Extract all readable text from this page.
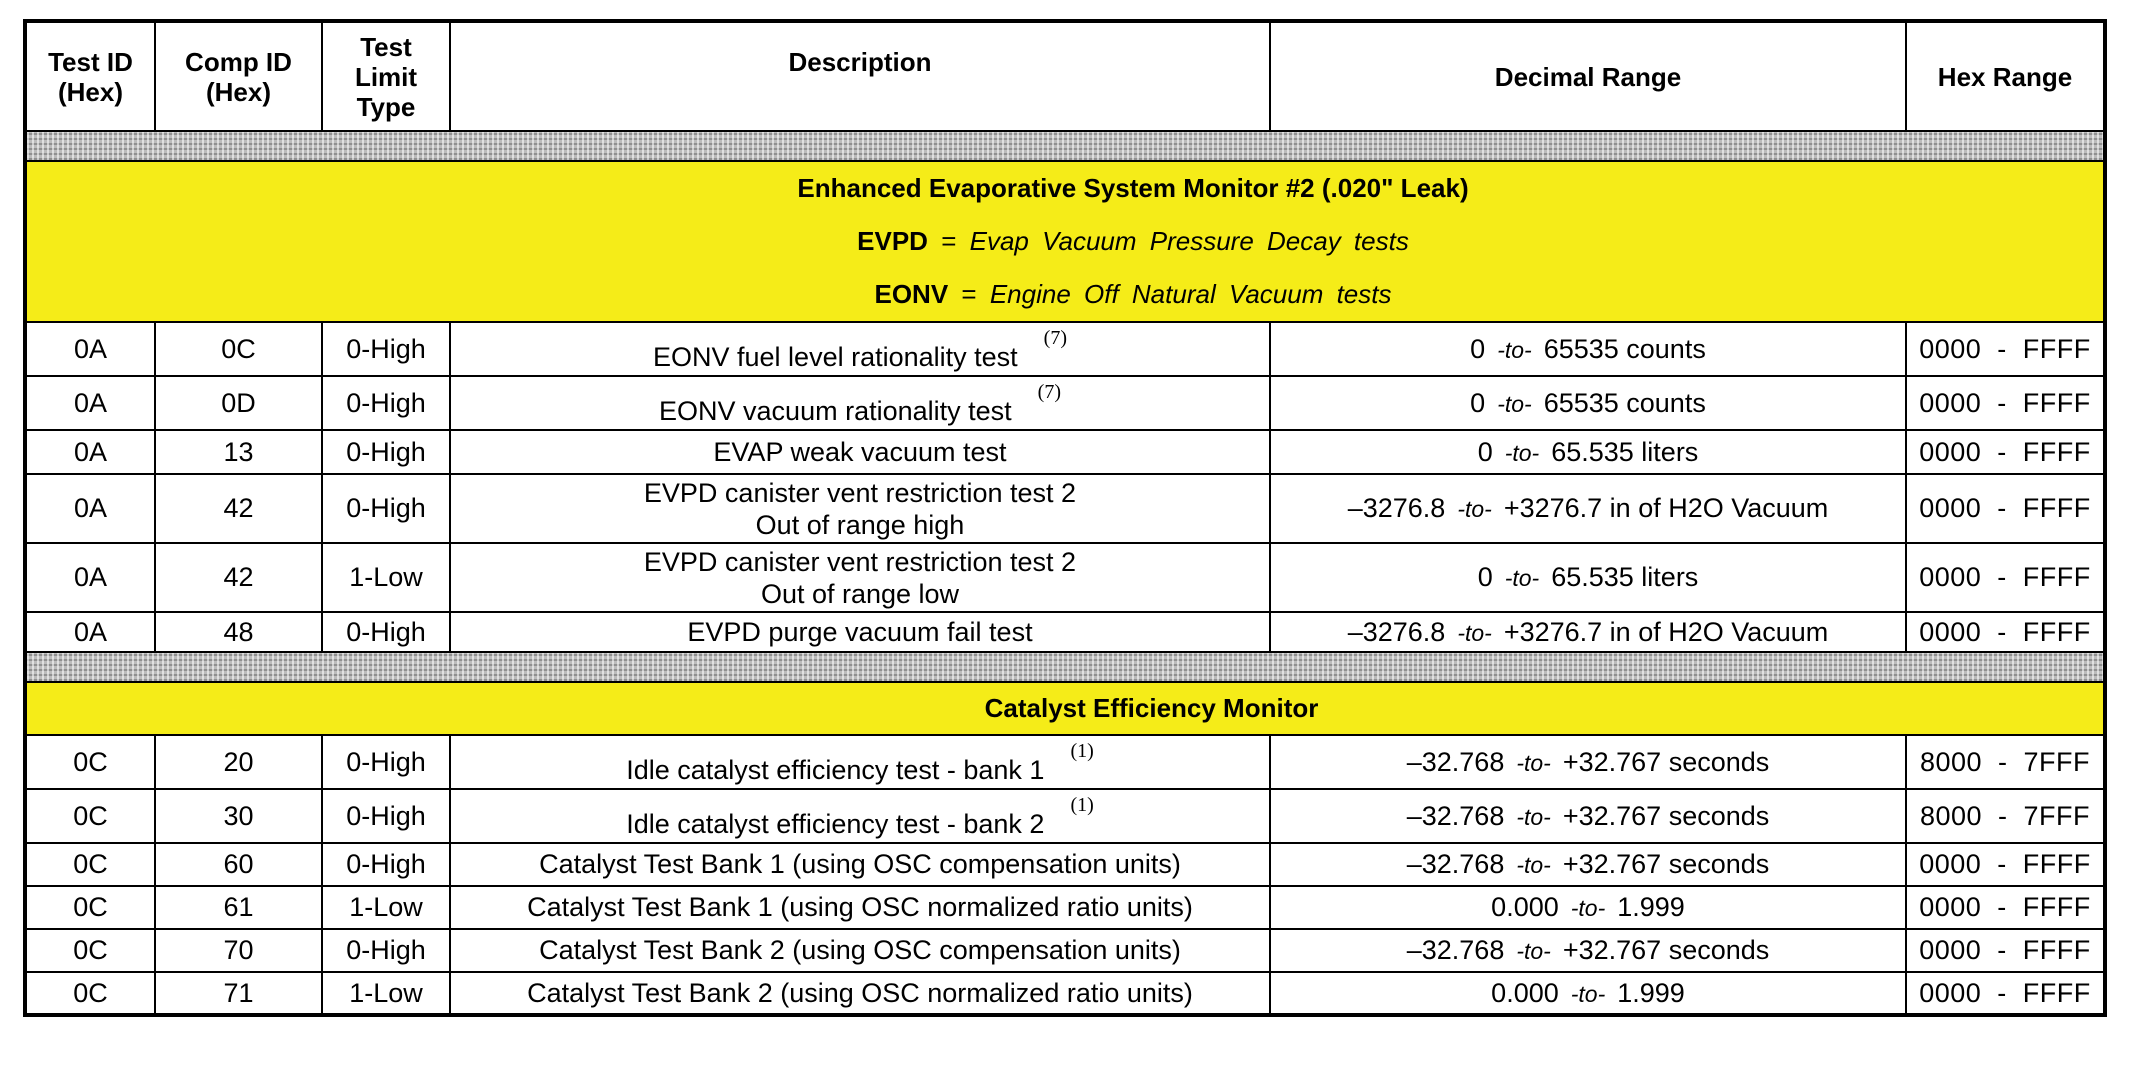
Test ID
(Hex)	Comp ID
(Hex)	Test
Limit
Type	Description	Decimal Range	Hex Range

Enhanced Evaporative System Monitor #2 (.020" Leak)
EVPD = Evap Vacuum Pressure Decay tests
EONV = Engine Off Natural Vacuum tests					

0A	0C	0-High	EONV fuel level rationality test$^{(7)}$	0 -to- 65535 counts	0000  -  FFFF
0A	0D	0-High	EONV vacuum rationality test$^{(7)}$	0 -to- 65535 counts	0000  -  FFFF
0A	13	0-High	EVAP weak vacuum test	0 -to- 65.535 liters	0000  -  FFFF
0A	42	0-High	EVPD canister vent restriction test 2
Out of range high	–3276.8 -to- +3276.7 in of H2O Vacuum	0000  -  FFFF
0A	42	1-Low	EVPD canister vent restriction test 2
Out of range low	0 -to- 65.535 liters	0000  -  FFFF
0A	48	0-High	EVPD purge vacuum fail test	–3276.8 -to- +3276.7 in of H2O Vacuum	0000  -  FFFF

Catalyst Efficiency Monitor					

0C	20	0-High	Idle catalyst efficiency test - bank 1$^{(1)}$	–32.768 -to- +32.767 seconds	8000  -  7FFF
0C	30	0-High	Idle catalyst efficiency test - bank 2$^{(1)}$	–32.768 -to- +32.767 seconds	8000  -  7FFF
0C	60	0-High	Catalyst Test Bank 1 (using OSC compensation units)	–32.768 -to- +32.767 seconds	0000  -  FFFF
0C	61	1-Low	Catalyst Test Bank 1 (using OSC normalized ratio units)	0.000 -to- 1.999	0000  -  FFFF
0C	70	0-High	Catalyst Test Bank 2 (using OSC compensation units)	–32.768 -to- +32.767 seconds	0000  -  FFFF
0C	71	1-Low	Catalyst Test Bank 2 (using OSC normalized ratio units)	0.000 -to- 1.999	0000  -  FFFF
